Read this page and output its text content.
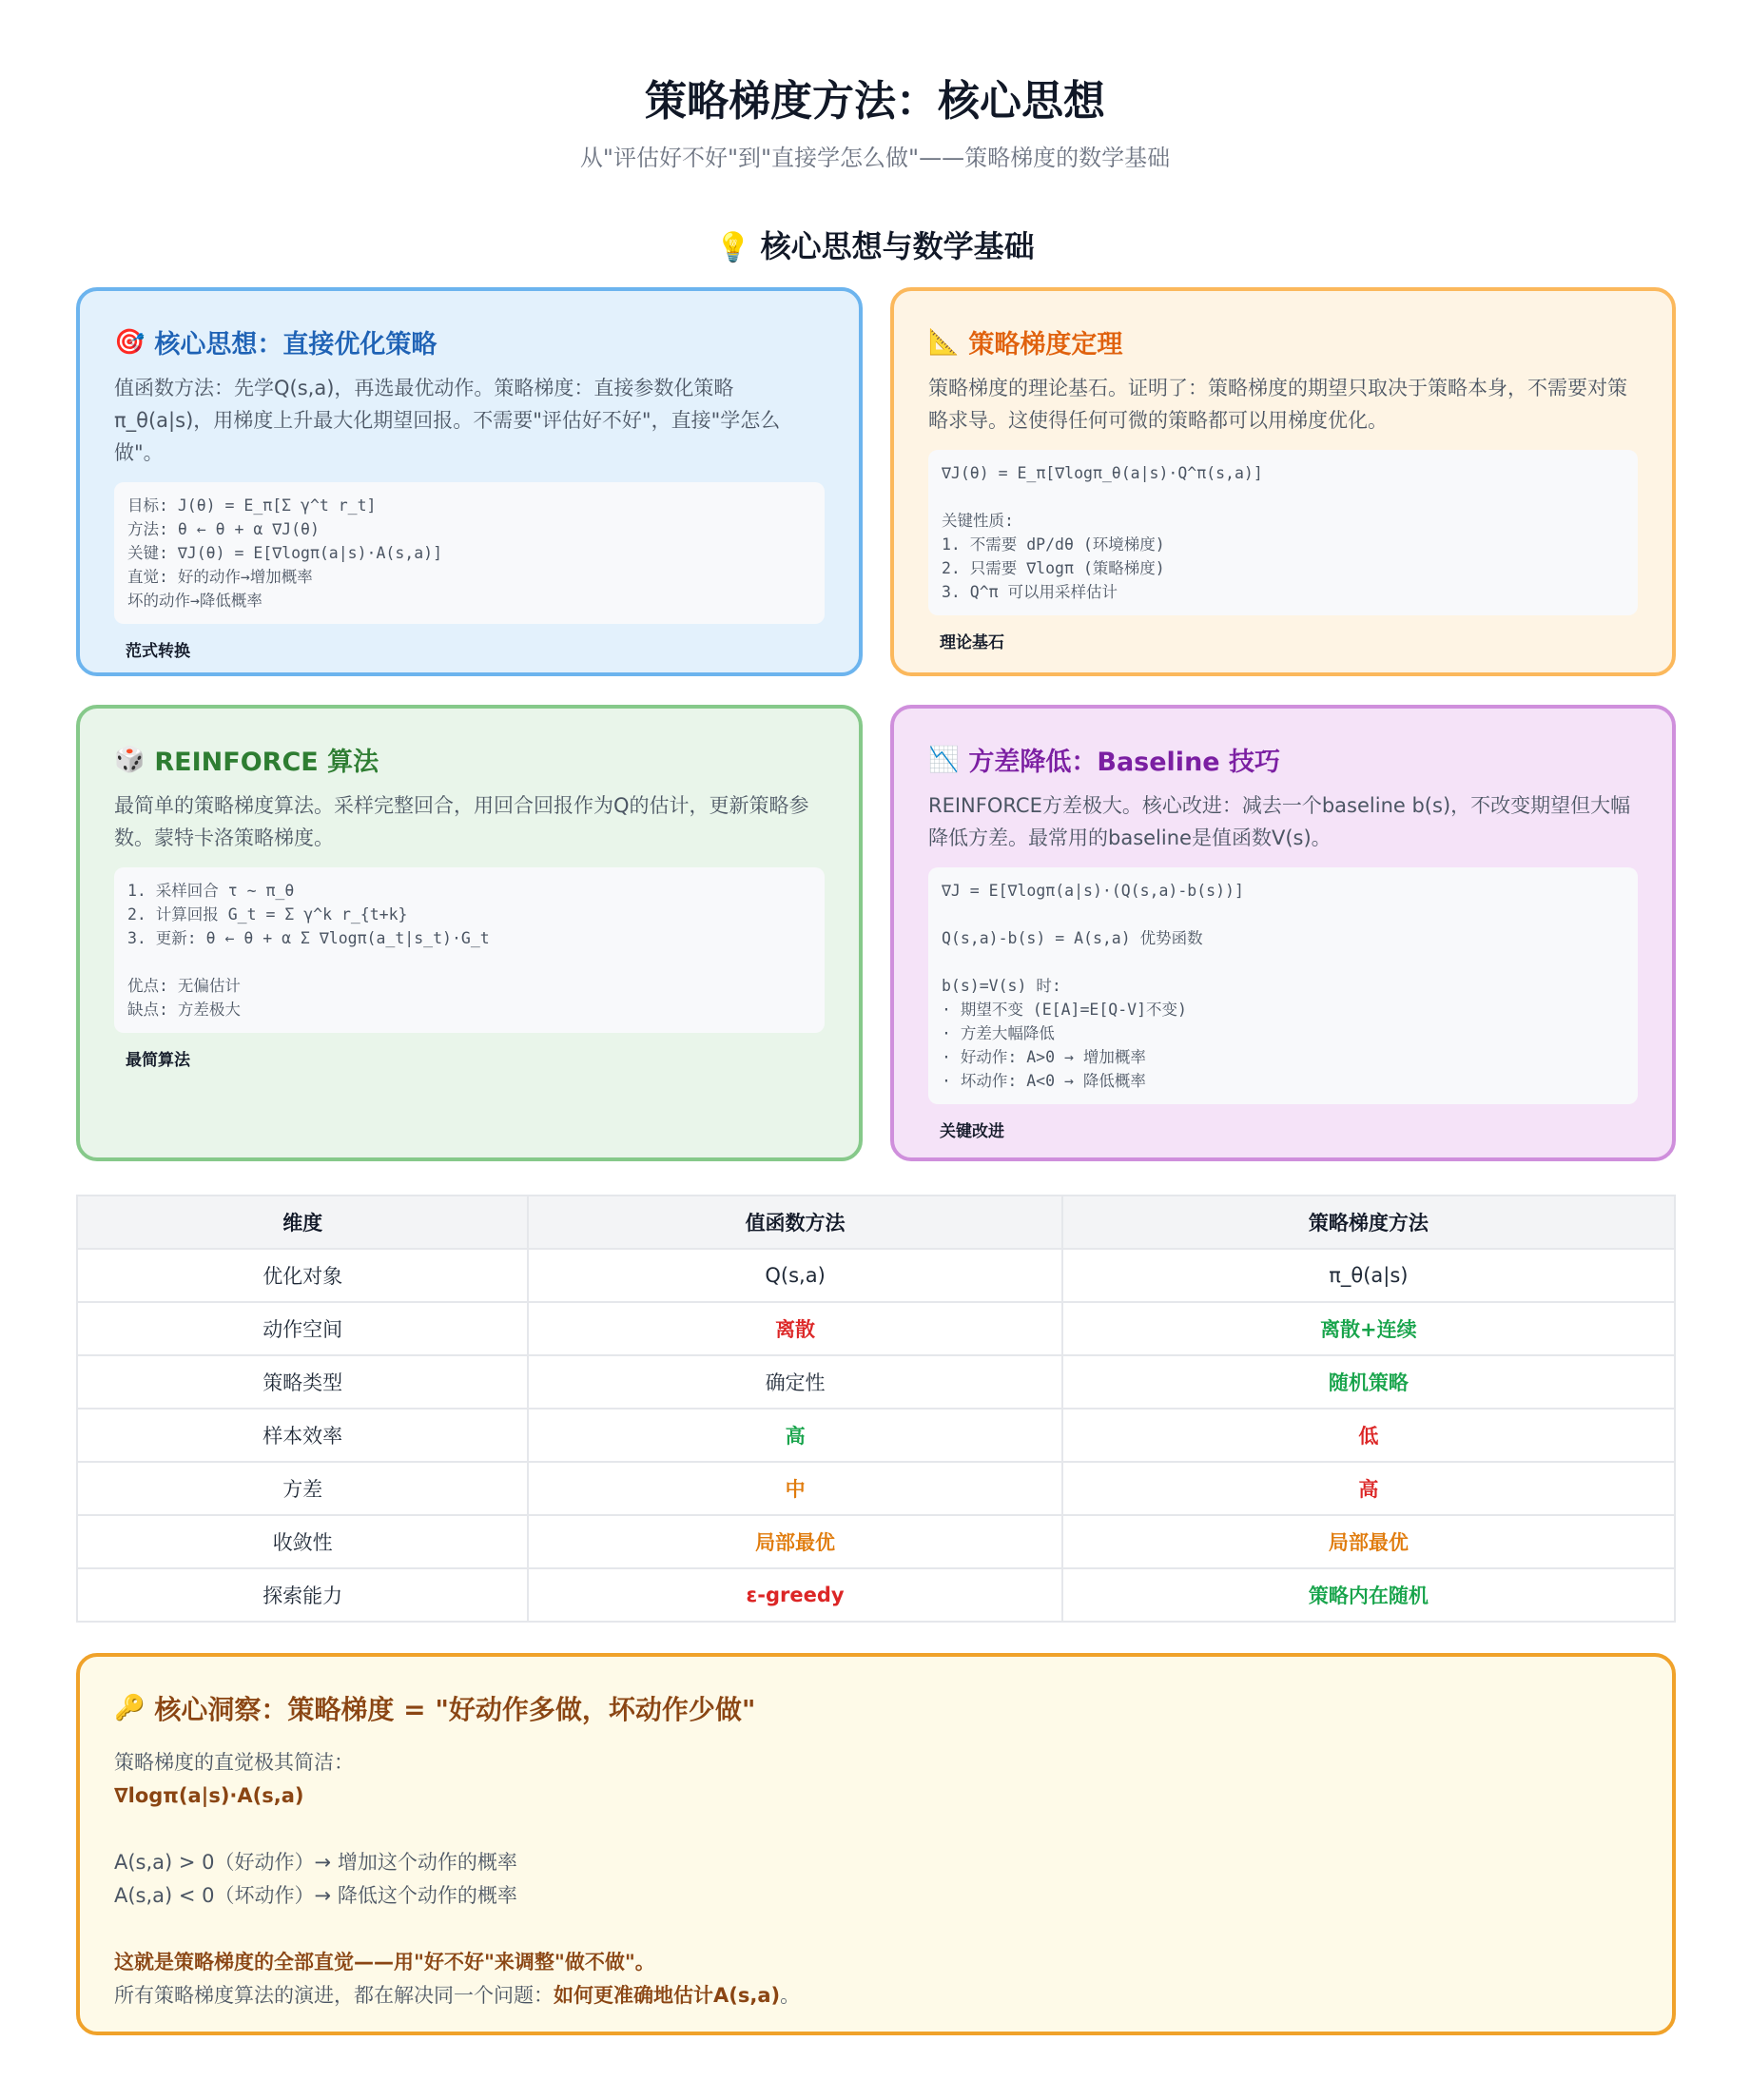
策略梯度方法：核心思想
从"评估好不好"到"直接学怎么做"——策略梯度的数学基础
💡 核心思想与数学基础
🎯 核心思想：直接优化策略
值函数方法：先学Q(s,a)，再选最优动作。策略梯度：直接参数化策略π_θ(a|s)，用梯度上升最大化期望回报。不需要"评估好不好"，直接"学怎么做"。
目标: J(θ) = E_π[Σ γ^t r_t]
方法: θ ← θ + α ∇J(θ)
关键: ∇J(θ) = E[∇logπ(a|s)·A(s,a)]
直觉: 好的动作→增加概率
坏的动作→降低概率
范式转换
📐 策略梯度定理
策略梯度的理论基石。证明了：策略梯度的期望只取决于策略本身，不需要对策略求导。这使得任何可微的策略都可以用梯度优化。
∇J(θ) = E_π[∇logπ_θ(a|s)·Q^π(s,a)]

关键性质:
1. 不需要 dP/dθ (环境梯度)
2. 只需要 ∇logπ (策略梯度)
3. Q^π 可以用采样估计
理论基石
🎲 REINFORCE 算法
最简单的策略梯度算法。采样完整回合，用回合回报作为Q的估计，更新策略参数。蒙特卡洛策略梯度。
1. 采样回合 τ ~ π_θ
2. 计算回报 G_t = Σ γ^k r_{t+k}
3. 更新: θ ← θ + α Σ ∇logπ(a_t|s_t)·G_t

优点: 无偏估计
缺点: 方差极大
最简算法
📉 方差降低：Baseline 技巧
REINFORCE方差极大。核心改进：减去一个baseline b(s)，不改变期望但大幅降低方差。最常用的baseline是值函数V(s)。
∇J = E[∇logπ(a|s)·(Q(s,a)-b(s))]

Q(s,a)-b(s) = A(s,a) 优势函数

b(s)=V(s) 时:
· 期望不变 (E[A]=E[Q-V]不变)
· 方差大幅降低
· 好动作: A>0 → 增加概率
· 坏动作: A<0 → 降低概率
关键改进
维度	值函数方法	策略梯度方法
优化对象	Q(s,a)	π_θ(a|s)
动作空间	离散	离散+连续
策略类型	确定性	随机策略
样本效率	高	低
方差	中	高
收敛性	局部最优	局部最优
探索能力	ε-greedy	策略内在随机
🔑 核心洞察：策略梯度 = "好动作多做，坏动作少做"

策略梯度的直觉极其简洁：

∇logπ(a|s)·A(s,a)

A(s,a) > 0（好动作）→ 增加这个动作的概率

A(s,a) < 0（坏动作）→ 降低这个动作的概率

这就是策略梯度的全部直觉——用"好不好"来调整"做不做"。

所有策略梯度算法的演进，都在解决同一个问题：如何更准确地估计A(s,a)。
